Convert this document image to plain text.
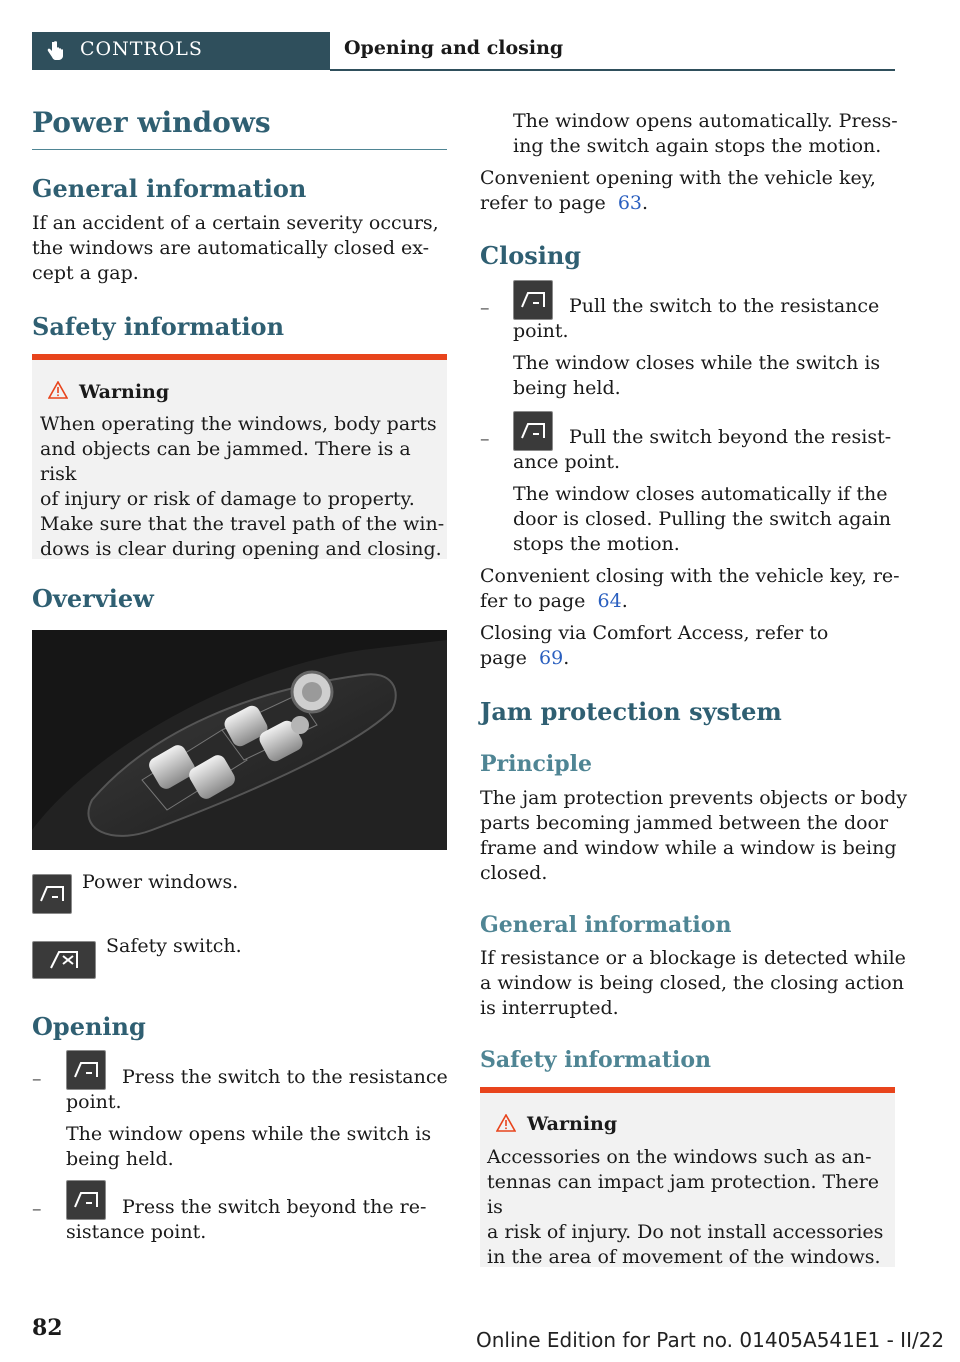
CONTROLS	Opening and closing
Power windows
General information
If an accident of a certain severity occurs,
the windows are automatically closed ex-
cept a gap.
Safety information
Warning
When operating the windows, body parts
and objects can be jammed. There is a risk
of injury or risk of damage to property.
Make sure that the travel path of the win-
dows is clear during opening and closing.
Overview
Power windows.
Safety switch.
Opening
–	Press the switch to the resistance
point.
The window opens while the switch is
being held.
–	Press the switch beyond the re-
sistance point.
The window opens automatically. Press-
ing the switch again stops the motion.
Convenient opening with the vehicle key,
refer to page 63.
Closing
–	Pull the switch to the resistance
point.
The window closes while the switch is
being held.
–	Pull the switch beyond the resist-
ance point.
The window closes automatically if the
door is closed. Pulling the switch again
stops the motion.
Convenient closing with the vehicle key, re-
fer to page 64.
Closing via Comfort Access, refer to
page 69.
Jam protection system
Principle
The jam protection prevents objects or body
parts becoming jammed between the door
frame and window while a window is being
closed.
General information
If resistance or a blockage is detected while
a window is being closed, the closing action
is interrupted.
Safety information
Warning
Accessories on the windows such as an-
tennas can impact jam protection. There is
a risk of injury. Do not install accessories
in the area of movement of the windows.
82	Online Edition for Part no. 01405A541E1 - II/22
